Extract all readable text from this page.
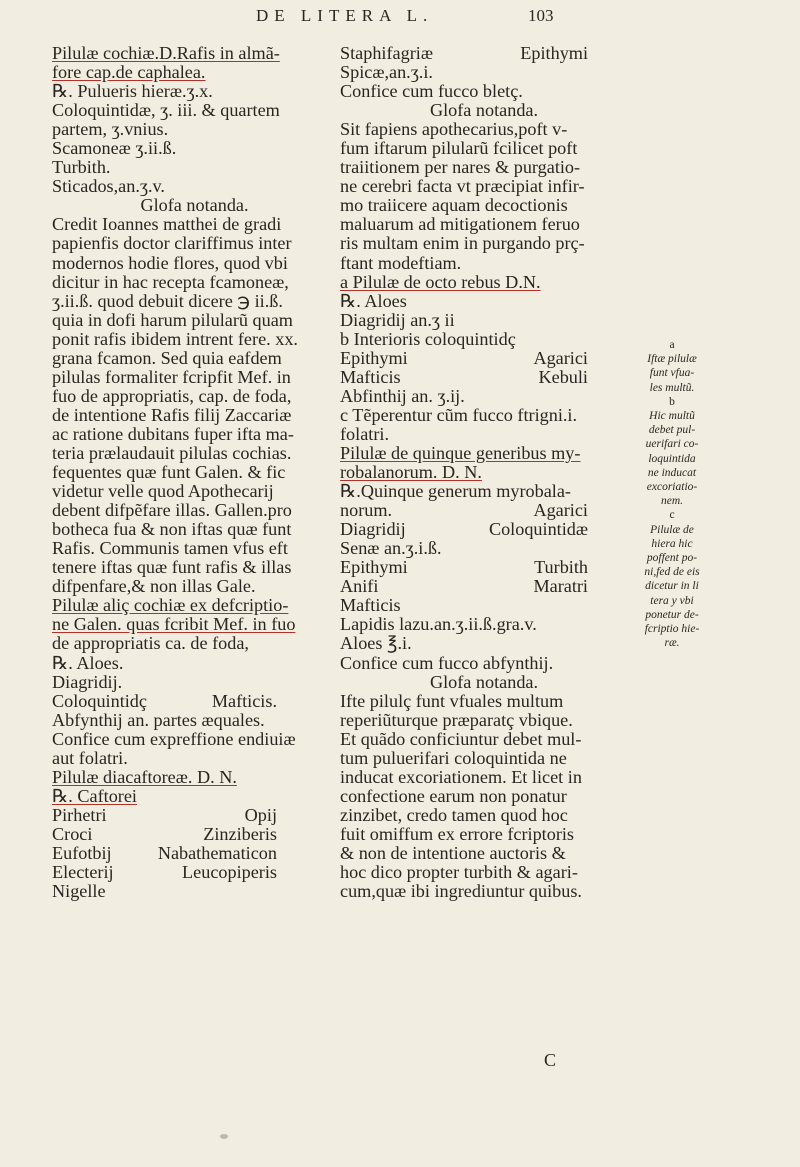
DE LITERA L.	103
Pilulæ cochiæ.D.Rafis in almã-
fore cap.de caphalea.
℞. Pulueris hieræ.ʒ.x.
Coloquintidæ, ʒ. iii. & quartem
partem, ʒ.vnius.
Scamoneæ ʒ.ii.ß.
Turbith.
Sticados,an.ʒ.v.
Glofa notanda.
Credit Ioannes matthei de gradi
papienfis doctor clariffimus inter
modernos hodie flores, quod vbi
dicitur in hac recepta fcamoneæ,
ʒ.ii.ß. quod debuit dicere ℈ ii.ß.
quia in dofi harum pilularũ quam
ponit rafis ibidem intrent fere. xx.
grana fcamon. Sed quia eafdem
pilulas formaliter fcripfit Mef. in
fuo de appropriatis, cap. de foda,
de intentione Rafis filij Zaccariæ
ac ratione dubitans fuper ifta ma-
teria prælaudauit pilulas cochias.
fequentes quæ funt Galen. & fic
videtur velle quod Apothecarij
debent difpẽfare illas. Gallen.pro
botheca fua & non iftas quæ funt
Rafis. Communis tamen vfus eft
tenere iftas quæ funt rafis & illas
difpenfare,& non illas Gale.
Pilulæ aliç cochiæ ex defcriptio-
ne Galen. quas fcribit Mef. in fuo
de appropriatis ca. de foda,
℞. Aloes.
Diagridij.
Coloquintidç	Mafticis.
Abfynthij an. partes æquales.
Confice cum expreffione endiuiæ
aut folatri.
Pilulæ diacaftoreæ. D. N.
℞. Caftorei
Pirhetri	Opij
Croci	Zinziberis
Eufotbij	Nabathematicon
Electerij	Leucopiperis
Nigelle
Staphifagriæ	Epithymi
Spicæ,an.ʒ.i.
Confice cum fucco bletç.
Glofa notanda.
Sit fapiens apothecarius,poft v-
fum iftarum pilularũ fcilicet poft
traiitionem per nares & purgatio-
ne cerebri facta vt præcipiat infir-
mo traiicere aquam decoctionis
maluarum ad mitigationem feruo
ris multam enim in purgando prç-
ftant modeftiam.
a Pilulæ de octo rebus D.N.
℞. Aloes
Diagridij an.ʒ ii
b Interioris coloquintidç
Epithymi	Agarici
Mafticis	Kebuli
Abfinthij an. ʒ.ij.
c Tẽperentur cũm fucco ftrigni.i.
folatri.
Pilulæ de quinque generibus my-
robalanorum. D. N.
℞.Quinque generum myrobala-
norum.	Agarici
Diagridij	Coloquintidæ
Senæ an.ʒ.i.ß.
Epithymi	Turbith
Anifi	Maratri
Mafticis
Lapidis lazu.an.ʒ.ii.ß.gra.v.
Aloes ℥.i.
Confice cum fucco abfynthij.
Glofa notanda.
Ifte pilulç funt vfuales multum
reperiũturque præparatç vbique.
Et quãdo conficiuntur debet mul-
tum puluerifari coloquintida ne
inducat excoriationem. Et licet in
confectione earum non ponatur
zinzibet, credo tamen quod hoc
fuit omiffum ex errore fcriptoris
& non de intentione auctoris &
hoc dico propter turbith & agari-
cum,quæ ibi ingrediuntur quibus.
a
Iftæ pilulæ
funt vfua-
les multũ.
b
Hic multũ
debet pul-
uerifari co-
loquintida
ne inducat
excoriatio-
nem.
c
Pilulæ de
hiera hic
poffent po-
ni,fed de eis
dicetur in li
tera y vbi
ponetur de-
fcriptio hie-
ræ.
C
